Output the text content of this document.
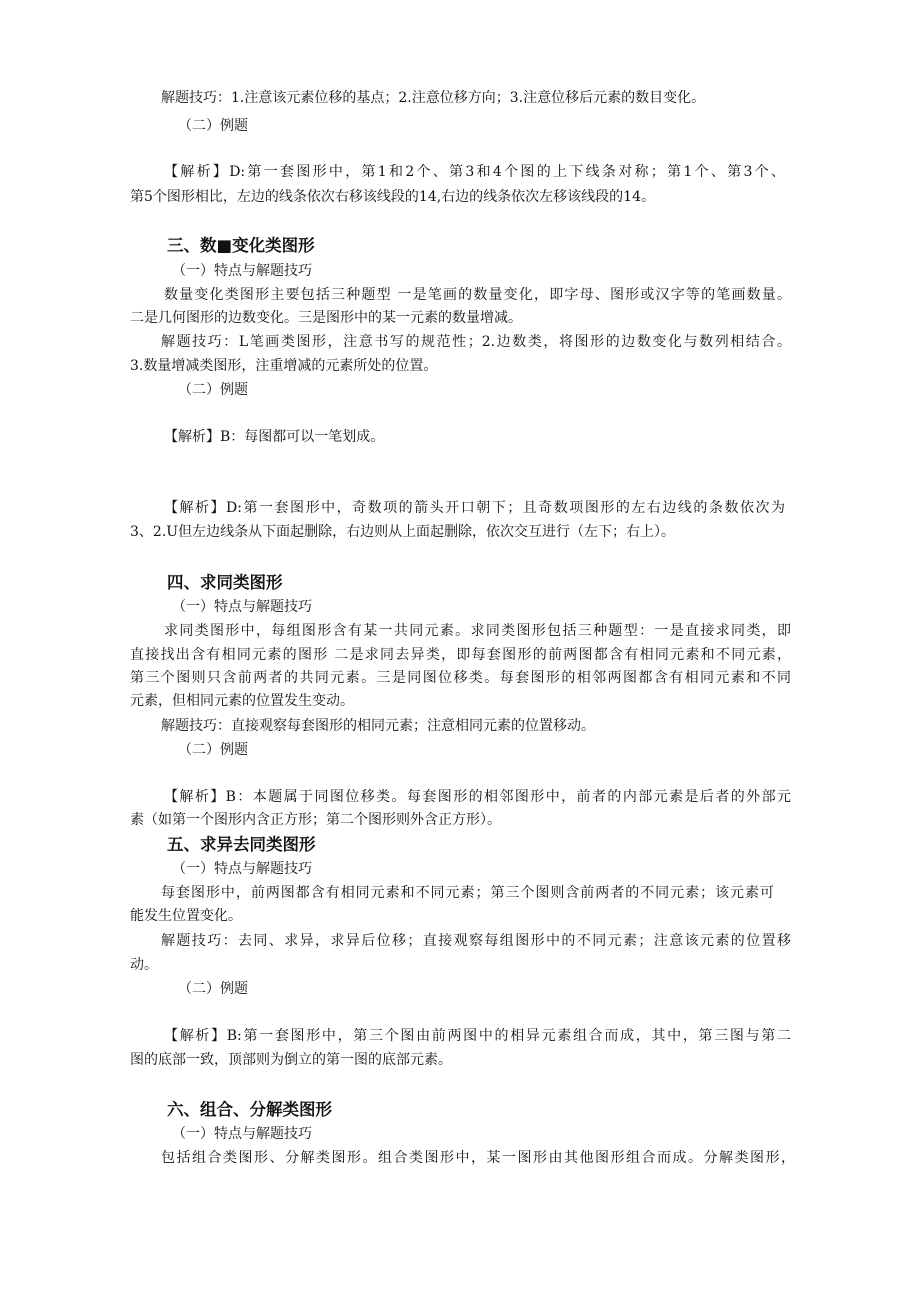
解题技巧：1.注意该元素位移的基点；2.注意位移方向；3.注意位移后元素的数目变化。
（二）例题
【解析】D:第一套图形中，第1和2个、第3和4个图的上下线条对称；第1个、第3个、
第5个图形相比，左边的线条依次右移该线段的14,右边的线条依次左移该线段的14。
三、数■变化类图形
（一）特点与解题技巧
数量变化类图形主要包括三种题型 一是笔画的数量变化，即字母、图形或汉字等的笔画数量。
二是几何图形的边数变化。三是图形中的某一元素的数量增减。
解题技巧：L笔画类图形，注意书写的规范性；2.边数类，将图形的边数变化与数列相结合。
3.数量增减类图形，注重增减的元素所处的位置。
（二）例题
【解析】B：每图都可以一笔划成。
【解析】D:第一套图形中，奇数项的箭头开口朝下；且奇数项图形的左右边线的条数依次为
3、2.U但左边线条从下面起删除，右边则从上面起删除，依次交互进行（左下；右上）。
四、求同类图形
（一）特点与解题技巧
求同类图形中，每组图形含有某一共同元素。求同类图形包括三种题型：一是直接求同类，即
直接找出含有相同元素的图形 二是求同去异类，即每套图形的前两图都含有相同元素和不同元素，
第三个图则只含前两者的共同元素。三是同图位移类。每套图形的相邻两图都含有相同元素和不同
元素，但相同元素的位置发生变动。
解题技巧：直接观察每套图形的相同元素；注意相同元素的位置移动。
（二）例题
【解析】B：本题属于同图位移类。每套图形的相邻图形中，前者的内部元素是后者的外部元
素（如第一个图形内含正方形；第二个图形则外含正方形）。
五、求异去同类图形
（一）特点与解题技巧
每套图形中，前两图都含有相同元素和不同元素；第三个图则含前两者的不同元素；该元素可
能发生位置变化。
解题技巧：去同、求异，求异后位移；直接观察每组图形中的不同元素；注意该元素的位置移
动。
（二）例题
【解析】B:第一套图形中，第三个图由前两图中的相异元素组合而成，其中，第三图与第二
图的底部一致，顶部则为倒立的第一图的底部元素。
六、组合、分解类图形
（一）特点与解题技巧
包括组合类图形、分解类图形。组合类图形中，某一图形由其他图形组合而成。分解类图形，
